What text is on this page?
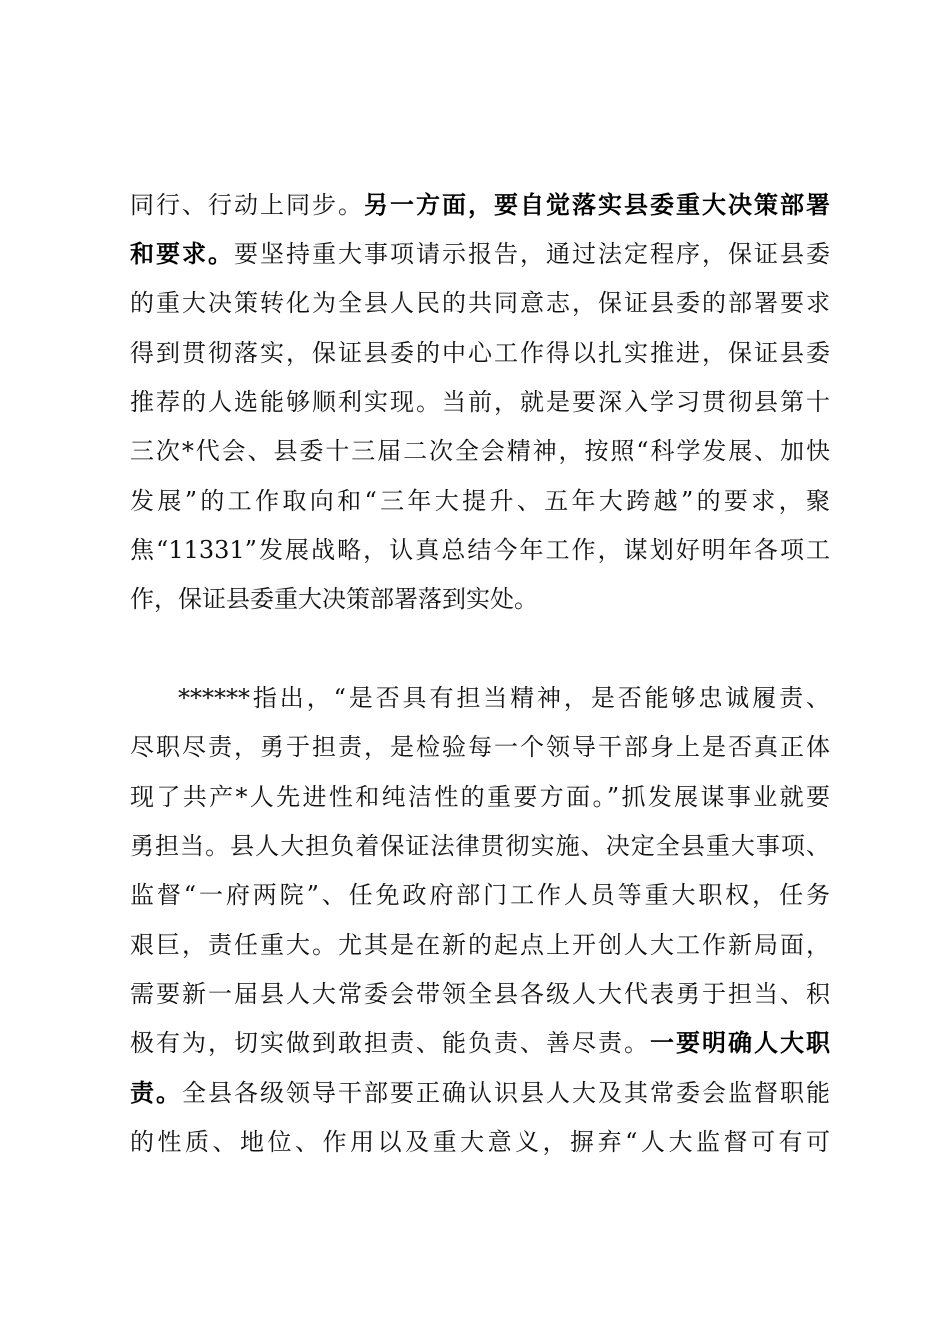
同行、行动上同步。另一方面，要自觉落实县委重大决策部署
和要求。要坚持重大事项请示报告，通过法定程序，保证县委
的重大决策转化为全县人民的共同意志，保证县委的部署要求
得到贯彻落实，保证县委的中心工作得以扎实推进，保证县委
推荐的人选能够顺利实现。当前，就是要深入学习贯彻县第十
三次*代会、县委十三届二次全会精神，按照“科学发展、加快
发展”的工作取向和“三年大提升、五年大跨越”的要求，聚
焦“11331”发展战略，认真总结今年工作，谋划好明年各项工
作，保证县委重大决策部署落到实处。
******指出，“是否具有担当精神，是否能够忠诚履责、
尽职尽责，勇于担责，是检验每一个领导干部身上是否真正体
现了共产*人先进性和纯洁性的重要方面。”抓发展谋事业就要
勇担当。县人大担负着保证法律贯彻实施、决定全县重大事项、
监督“一府两院”、任免政府部门工作人员等重大职权，任务
艰巨，责任重大。尤其是在新的起点上开创人大工作新局面，
需要新一届县人大常委会带领全县各级人大代表勇于担当、积
极有为，切实做到敢担责、能负责、善尽责。一要明确人大职
责。全县各级领导干部要正确认识县人大及其常委会监督职能
的性质、地位、作用以及重大意义，摒弃“人大监督可有可
